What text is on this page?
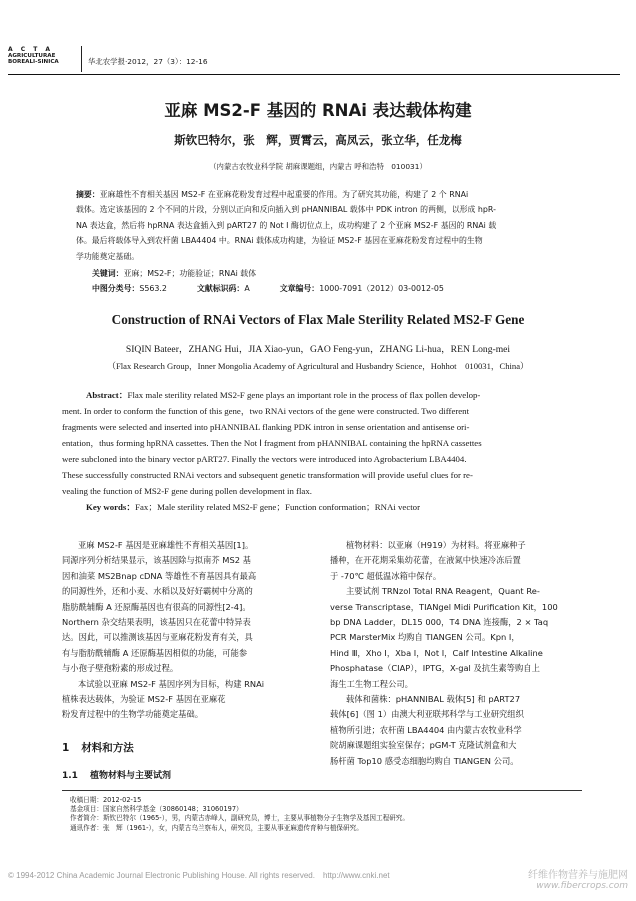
A C T A
AGRICULTURAE
BOREALI-SINICA	华北农学报·2012，27（3）：12-16
亚麻 MS2-F 基因的 RNAi 表达载体构建
斯钦巴特尔，张　辉，贾霄云，高凤云，张立华，任龙梅
（内蒙古农牧业科学院 胡麻课题组，内蒙古 呼和浩特　010031）
摘要：亚麻雄性不育相关基因 MS2-F 在亚麻花粉发育过程中起重要的作用。为了研究其功能，构建了 2 个 RNAi
载体。选定该基因的 2 个不同的片段，分别以正向和反向插入到 pHANNIBAL 载体中 PDK intron 的两侧，以形成 hpR-
NA 表达盒，然后将 hpRNA 表达盒插入到 pART27 的 Not Ⅰ 酶切位点上，成功构建了 2 个亚麻 MS2-F 基因的 RNAi 载
体。最后将载体导入到农杆菌 LBA4404 中。RNAi 载体成功构建，为验证 MS2-F 基因在亚麻花粉发育过程中的生物
学功能奠定基础。
关键词：亚麻；MS2-F；功能验证；RNAi 载体
中图分类号：S563.2	文献标识码：A	文章编号：1000-7091（2012）03-0012-05
Construction of RNAi Vectors of Flax Male Sterility Related MS2-F Gene
SIQIN Bateer，ZHANG Hui，JIA Xiao-yun，GAO Feng-yun，ZHANG Li-hua，REN Long-mei
（Flax Research Group，Inner Mongolia Academy of Agricultural and Husbandry Science，Hohhot　010031，China）
Abstract：Flax male sterility related MS2-F gene plays an important role in the process of flax pollen develop-
ment. In order to conform the function of this gene，two RNAi vectors of the gene were constructed. Two different
fragments were selected and inserted into pHANNIBAL flanking PDK intron in sense orientation and antisense ori-
entation，thus forming hpRNA cassettes. Then the Not Ⅰ fragment from pHANNIBAL containing the hpRNA cassettes
were subcloned into the binary vector pART27. Finally the vectors were introduced into Agrobacterium LBA4404.
These successfully constructed RNAi vectors and subsequent genetic transformation will provide useful clues for re-
vealing the function of MS2-F gene during pollen development in flax.
Key words：Fax；Male sterility related MS2-F gene；Function conformation；RNAi vector
亚麻 MS2-F 基因是亚麻雄性不育相关基因[1]。
同源序列分析结果显示，该基因除与拟南芥 MS2 基
因和油菜 MS2Bnap cDNA 等雄性不育基因具有最高
的同源性外，还和小麦、水稻以及好好霸树中分离的
脂肪酰辅酶 A 还原酶基因也有很高的同源性[2-4]。
Northern 杂交结果表明，该基因只在花蕾中特异表
达。因此，可以推测该基因与亚麻花粉发育有关，具
有与脂肪酰辅酶 A 还原酶基因相似的功能，可能参
与小孢子壁孢粉素的形成过程。
本试验以亚麻 MS2-F 基因序列为目标，构建 RNAi
植株表达载体，为验证 MS2-F 基因在亚麻花
粉发育过程中的生物学功能奠定基础。
1 材料和方法
1.1 植物材料与主要试剂
植物材料：以亚麻（H919）为材料。将亚麻种子
播种，在开花期采集幼花蕾，在液氮中快速冷冻后置
于 -70℃ 超低温冰箱中保存。
主要试剂 TRNzol Total RNA Reagent，Quant Re-
verse Transcriptase，TIANgel Midi Purification Kit，100
bp DNA Ladder，DL15 000，T4 DNA 连接酶，2 × Taq
PCR MarsterMix 均购自 TIANGEN 公司。Kpn Ⅰ，
Hind Ⅲ，Xho Ⅰ，Xba Ⅰ，Not Ⅰ，Calf Intestine Alkaline
Phosphatase（CIAP），IPTG，X-gal 及抗生素等购自上
海生工生物工程公司。
载体和菌株：pHANNIBAL 载体[5] 和 pART27
载体[6]（图 1）由澳大利亚联邦科学与工业研究组织
植物所引进；农杆菌 LBA4404 由内蒙古农牧业科学
院胡麻课题组实验室保存；pGM-T 克隆试剂盒和大
肠杆菌 Top10 感受态细胞均购自 TIANGEN 公司。
收稿日期：2012-02-15
基金项目：国家自然科学基金（30860148；31060197）
作者简介：斯钦巴特尔（1965-），男，内蒙古赤峰人，副研究员，博士，主要从事植物分子生物学及基因工程研究。
通讯作者：张　辉（1961-），女，内蒙古乌兰察布人，研究员，主要从事亚麻遗传育种与植保研究。
© 1994-2012 China Academic Journal Electronic Publishing House. All rights reserved.　http://www.cnki.net	纤维作物营养与施肥网
www.fibercrops.com
